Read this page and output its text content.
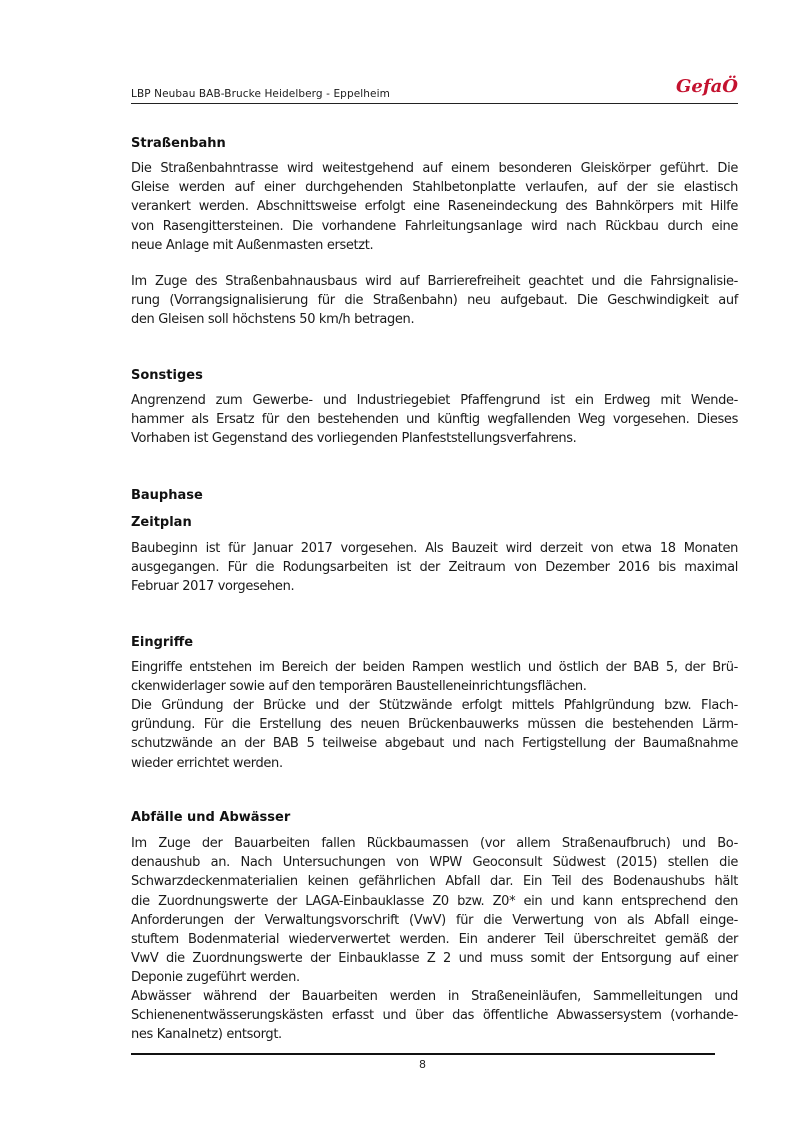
LBP Neubau BAB-Brucke Heidelberg - Eppelheim	GefaÖ
Straßenbahn
Die Straßenbahntrasse wird weitestgehend auf einem besonderen Gleiskörper geführt. Die
Gleise werden auf einer durchgehenden Stahlbetonplatte verlaufen, auf der sie elastisch
verankert werden. Abschnittsweise erfolgt eine Raseneindeckung des Bahnkörpers mit Hilfe
von Rasengittersteinen. Die vorhandene Fahrleitungsanlage wird nach Rückbau durch eine
neue Anlage mit Außenmasten ersetzt.
Im Zuge des Straßenbahnausbaus wird auf Barrierefreiheit geachtet und die Fahrsignalisie-
rung (Vorrangsignalisierung für die Straßenbahn) neu aufgebaut. Die Geschwindigkeit auf
den Gleisen soll höchstens 50 km/h betragen.
Sonstiges
Angrenzend zum Gewerbe- und Industriegebiet Pfaffengrund ist ein Erdweg mit Wende-
hammer als Ersatz für den bestehenden und künftig wegfallenden Weg vorgesehen. Dieses
Vorhaben ist Gegenstand des vorliegenden Planfeststellungsverfahrens.
Bauphase
Zeitplan
Baubeginn ist für Januar 2017 vorgesehen. Als Bauzeit wird derzeit von etwa 18 Monaten
ausgegangen. Für die Rodungsarbeiten ist der Zeitraum von Dezember 2016 bis maximal
Februar 2017 vorgesehen.
Eingriffe
Eingriffe entstehen im Bereich der beiden Rampen westlich und östlich der BAB 5, der Brü-
ckenwiderlager sowie auf den temporären Baustelleneinrichtungsflächen.
Die Gründung der Brücke und der Stützwände erfolgt mittels Pfahlgründung bzw. Flach-
gründung. Für die Erstellung des neuen Brückenbauwerks müssen die bestehenden Lärm-
schutzwände an der BAB 5 teilweise abgebaut und nach Fertigstellung der Baumaßnahme
wieder errichtet werden.
Abfälle und Abwässer
Im Zuge der Bauarbeiten fallen Rückbaumassen (vor allem Straßenaufbruch) und Bo-
denaushub an. Nach Untersuchungen von WPW Geoconsult Südwest (2015) stellen die
Schwarzdeckenmaterialien keinen gefährlichen Abfall dar. Ein Teil des Bodenaushubs hält
die Zuordnungswerte der LAGA-Einbauklasse Z0 bzw. Z0* ein und kann entsprechend den
Anforderungen der Verwaltungsvorschrift (VwV) für die Verwertung von als Abfall einge-
stuftem Bodenmaterial wiederverwertet werden. Ein anderer Teil überschreitet gemäß der
VwV die Zuordnungswerte der Einbauklasse Z 2 und muss somit der Entsorgung auf einer
Deponie zugeführt werden.
Abwässer während der Bauarbeiten werden in Straßeneinläufen, Sammelleitungen und
Schienenentwässerungskästen erfasst und über das öffentliche Abwassersystem (vorhande-
nes Kanalnetz) entsorgt.
8
